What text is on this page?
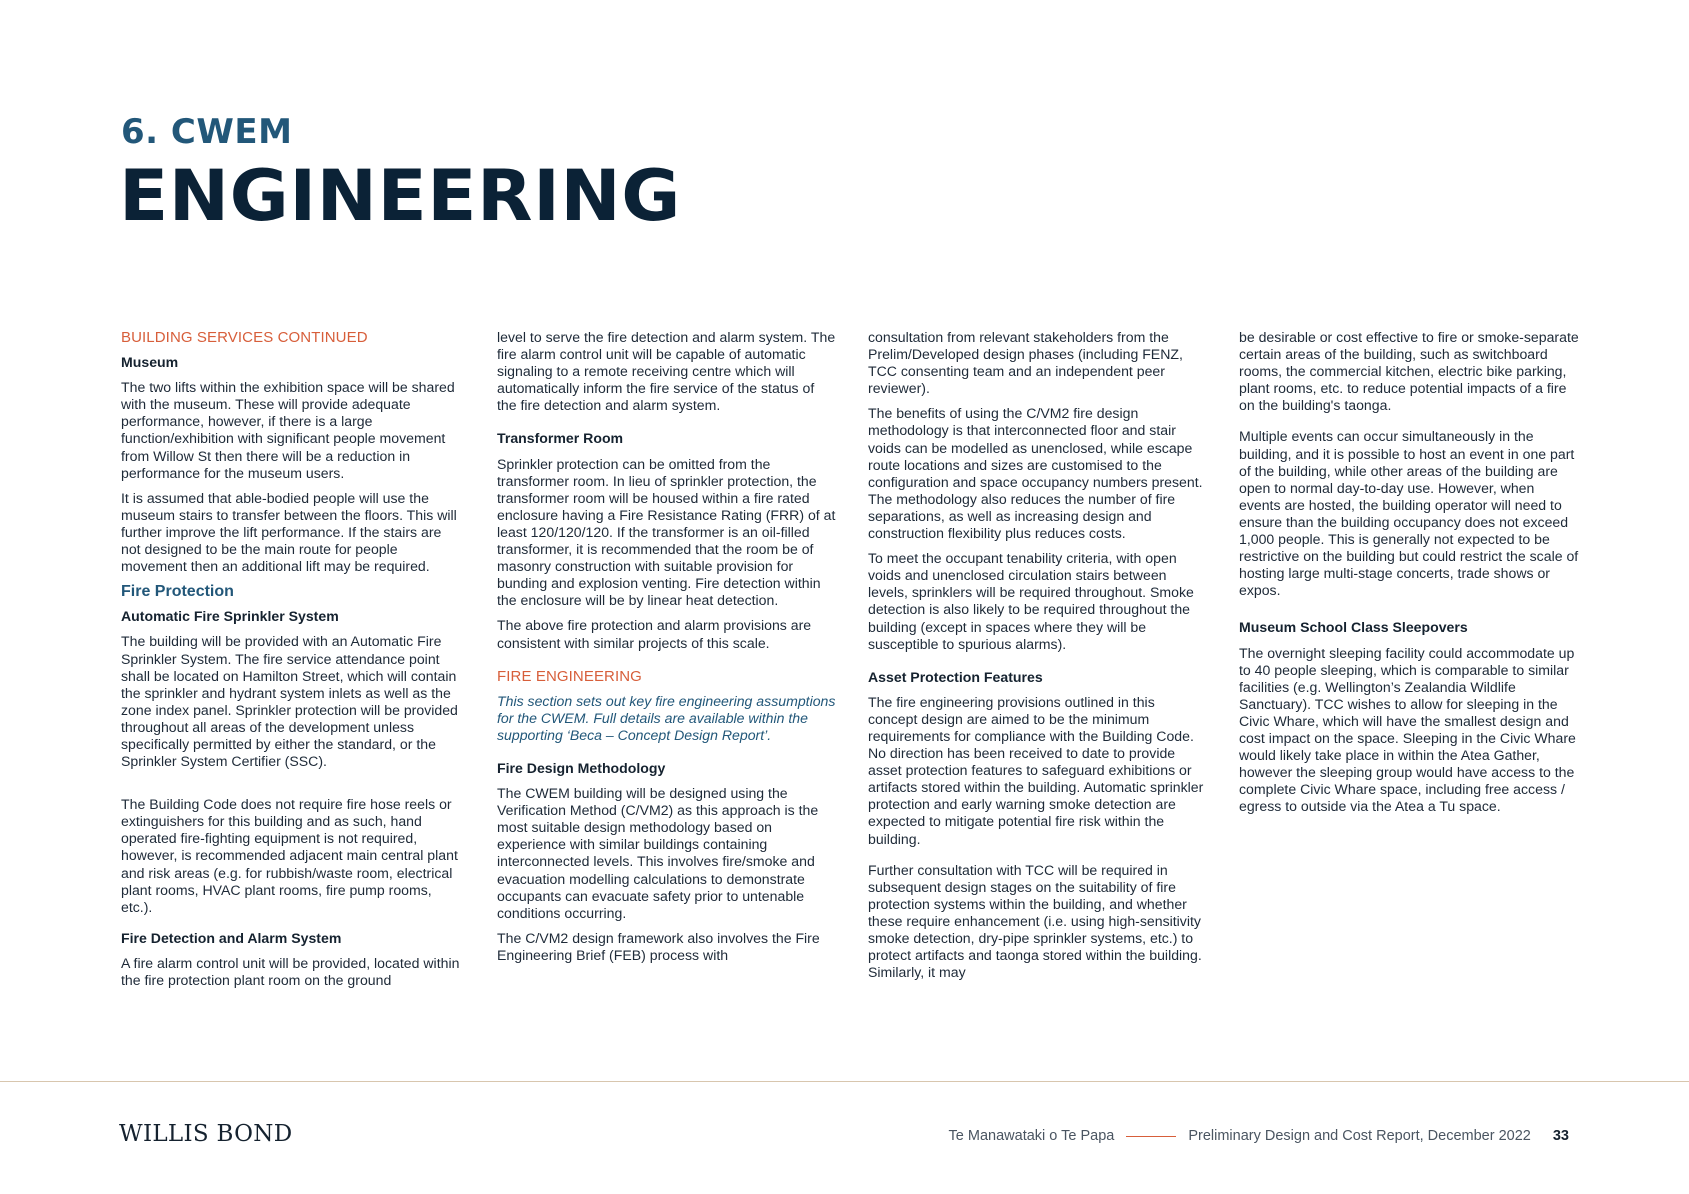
6. CWEM
ENGINEERING

BUILDING SERVICES CONTINUED

Museum

The two lifts within the exhibition space will be shared with the museum. These will provide adequate performance, however, if there is a large function/exhibition with significant people movement from Willow St then there will be a reduction in performance for the museum users.

It is assumed that able-bodied people will use the museum stairs to transfer between the floors. This will further improve the lift performance. If the stairs are not designed to be the main route for people movement then an additional lift may be required.

Fire Protection

Automatic Fire Sprinkler System

The building will be provided with an Automatic Fire Sprinkler System. The fire service attendance point shall be located on Hamilton Street, which will contain the sprinkler and hydrant system inlets as well as the zone index panel. Sprinkler protection will be provided throughout all areas of the development unless specifically permitted by either the standard, or the Sprinkler System Certifier (SSC).

The Building Code does not require fire hose reels or extinguishers for this building and as such, hand operated fire-fighting equipment is not required, however, is recommended adjacent main central plant and risk areas (e.g. for rubbish/waste room, electrical plant rooms, HVAC plant rooms, fire pump rooms, etc.).

Fire Detection and Alarm System

A fire alarm control unit will be provided, located within the fire protection plant room on the ground

level to serve the fire detection and alarm system. The fire alarm control unit will be capable of automatic signaling to a remote receiving centre which will automatically inform the fire service of the status of the fire detection and alarm system.

Transformer Room

Sprinkler protection can be omitted from the transformer room. In lieu of sprinkler protection, the transformer room will be housed within a fire rated enclosure having a Fire Resistance Rating (FRR) of at least 120/120/120. If the transformer is an oil-filled transformer, it is recommended that the room be of masonry construction with suitable provision for bunding and explosion venting. Fire detection within the enclosure will be by linear heat detection.

The above fire protection and alarm provisions are consistent with similar projects of this scale.

FIRE ENGINEERING

This section sets out key fire engineering assumptions for the CWEM. Full details are available within the supporting ‘Beca – Concept Design Report’.

Fire Design Methodology

The CWEM building will be designed using the Verification Method (C/VM2) as this approach is the most suitable design methodology based on experience with similar buildings containing interconnected levels. This involves fire/smoke and evacuation modelling calculations to demonstrate occupants can evacuate safety prior to untenable conditions occurring.

The C/VM2 design framework also involves the Fire Engineering Brief (FEB) process with

consultation from relevant stakeholders from the Prelim/Developed design phases (including FENZ, TCC consenting team and an independent peer reviewer).

The benefits of using the C/VM2 fire design methodology is that interconnected floor and stair voids can be modelled as unenclosed, while escape route locations and sizes are customised to the configuration and space occupancy numbers present. The methodology also reduces the number of fire separations, as well as increasing design and construction flexibility plus reduces costs.

To meet the occupant tenability criteria, with open voids and unenclosed circulation stairs between levels, sprinklers will be required throughout. Smoke detection is also likely to be required throughout the building (except in spaces where they will be susceptible to spurious alarms).

Asset Protection Features

The fire engineering provisions outlined in this concept design are aimed to be the minimum requirements for compliance with the Building Code. No direction has been received to date to provide asset protection features to safeguard exhibitions or artifacts stored within the building. Automatic sprinkler protection and early warning smoke detection are expected to mitigate potential fire risk within the building.

Further consultation with TCC will be required in subsequent design stages on the suitability of fire protection systems within the building, and whether these require enhancement (i.e. using high-sensitivity smoke detection, dry-pipe sprinkler systems, etc.) to protect artifacts and taonga stored within the building. Similarly, it may

be desirable or cost effective to fire or smoke-separate certain areas of the building, such as switchboard rooms, the commercial kitchen, electric bike parking, plant rooms, etc. to reduce potential impacts of a fire on the building's taonga.

Multiple events can occur simultaneously in the building, and it is possible to host an event in one part of the building, while other areas of the building are open to normal day-to-day use. However, when events are hosted, the building operator will need to ensure than the building occupancy does not exceed 1,000 people. This is generally not expected to be restrictive on the building but could restrict the scale of hosting large multi-stage concerts, trade shows or expos.

Museum School Class Sleepovers

The overnight sleeping facility could accommodate up to 40 people sleeping, which is comparable to similar facilities (e.g. Wellington’s Zealandia Wildlife Sanctuary). TCC wishes to allow for sleeping in the Civic Whare, which will have the smallest design and cost impact on the space. Sleeping in the Civic Whare would likely take place in within the Atea Gather, however the sleeping group would have access to the complete Civic Whare space, including free access / egress to outside via the Atea a Tu space.

WILLIS BOND	Te Manawataki o Te Papa	Preliminary Design and Cost Report, December 2022 33
